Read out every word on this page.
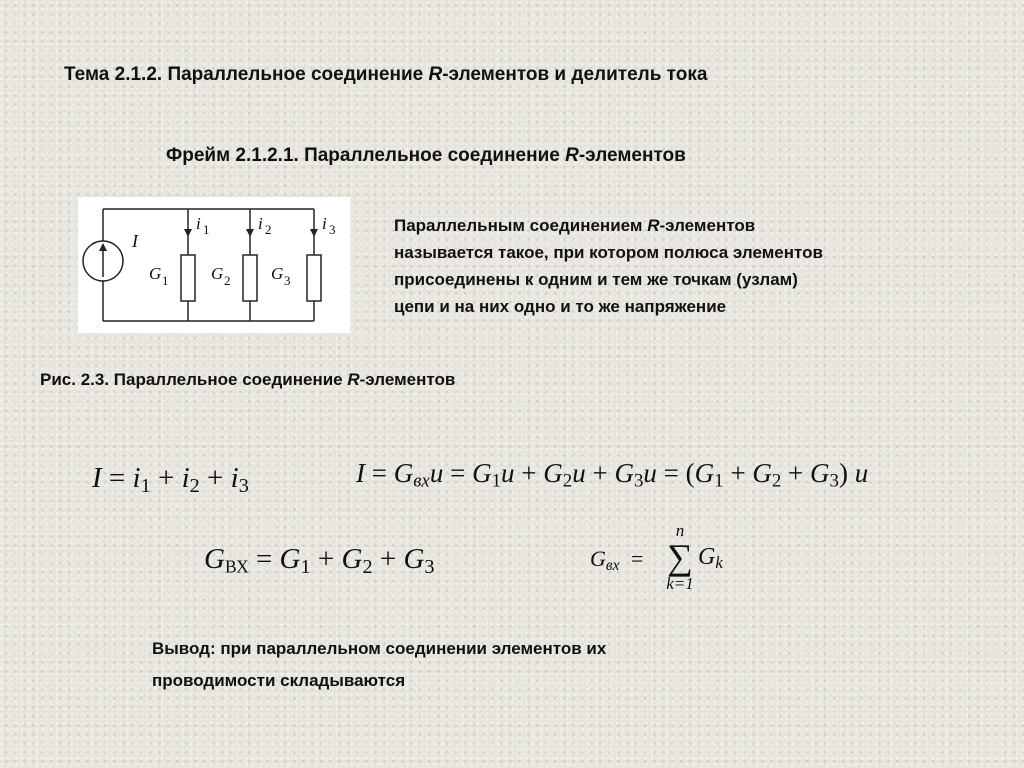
Тема 2.1.2. Параллельное соединение R-элементов и делитель тока
Фрейм 2.1.2.1. Параллельное соединение R-элементов
I
i 1	i 2	i 3
G 1	G 2 G 3
Параллельным соединением R-элементов
называется такое, при котором полюса элементов
присоединены к одним и тем же точкам (узлам)
цепи и на них одно и то же напряжение
Рис. 2.3. Параллельное соединение R-элементов
$I = i_1 + i_2 + i_3$	$I = G_{вх}u = G_1u + G_2u + G_3u = (G_1 + G_2 + G_3)$ u
$G_{ВХ} = G_1 + G_2 + G_3$	$G_{вх}$ =
n
∑
k=1
$G_k$
Вывод: при параллельном соединении элементов их
проводимости складываются
